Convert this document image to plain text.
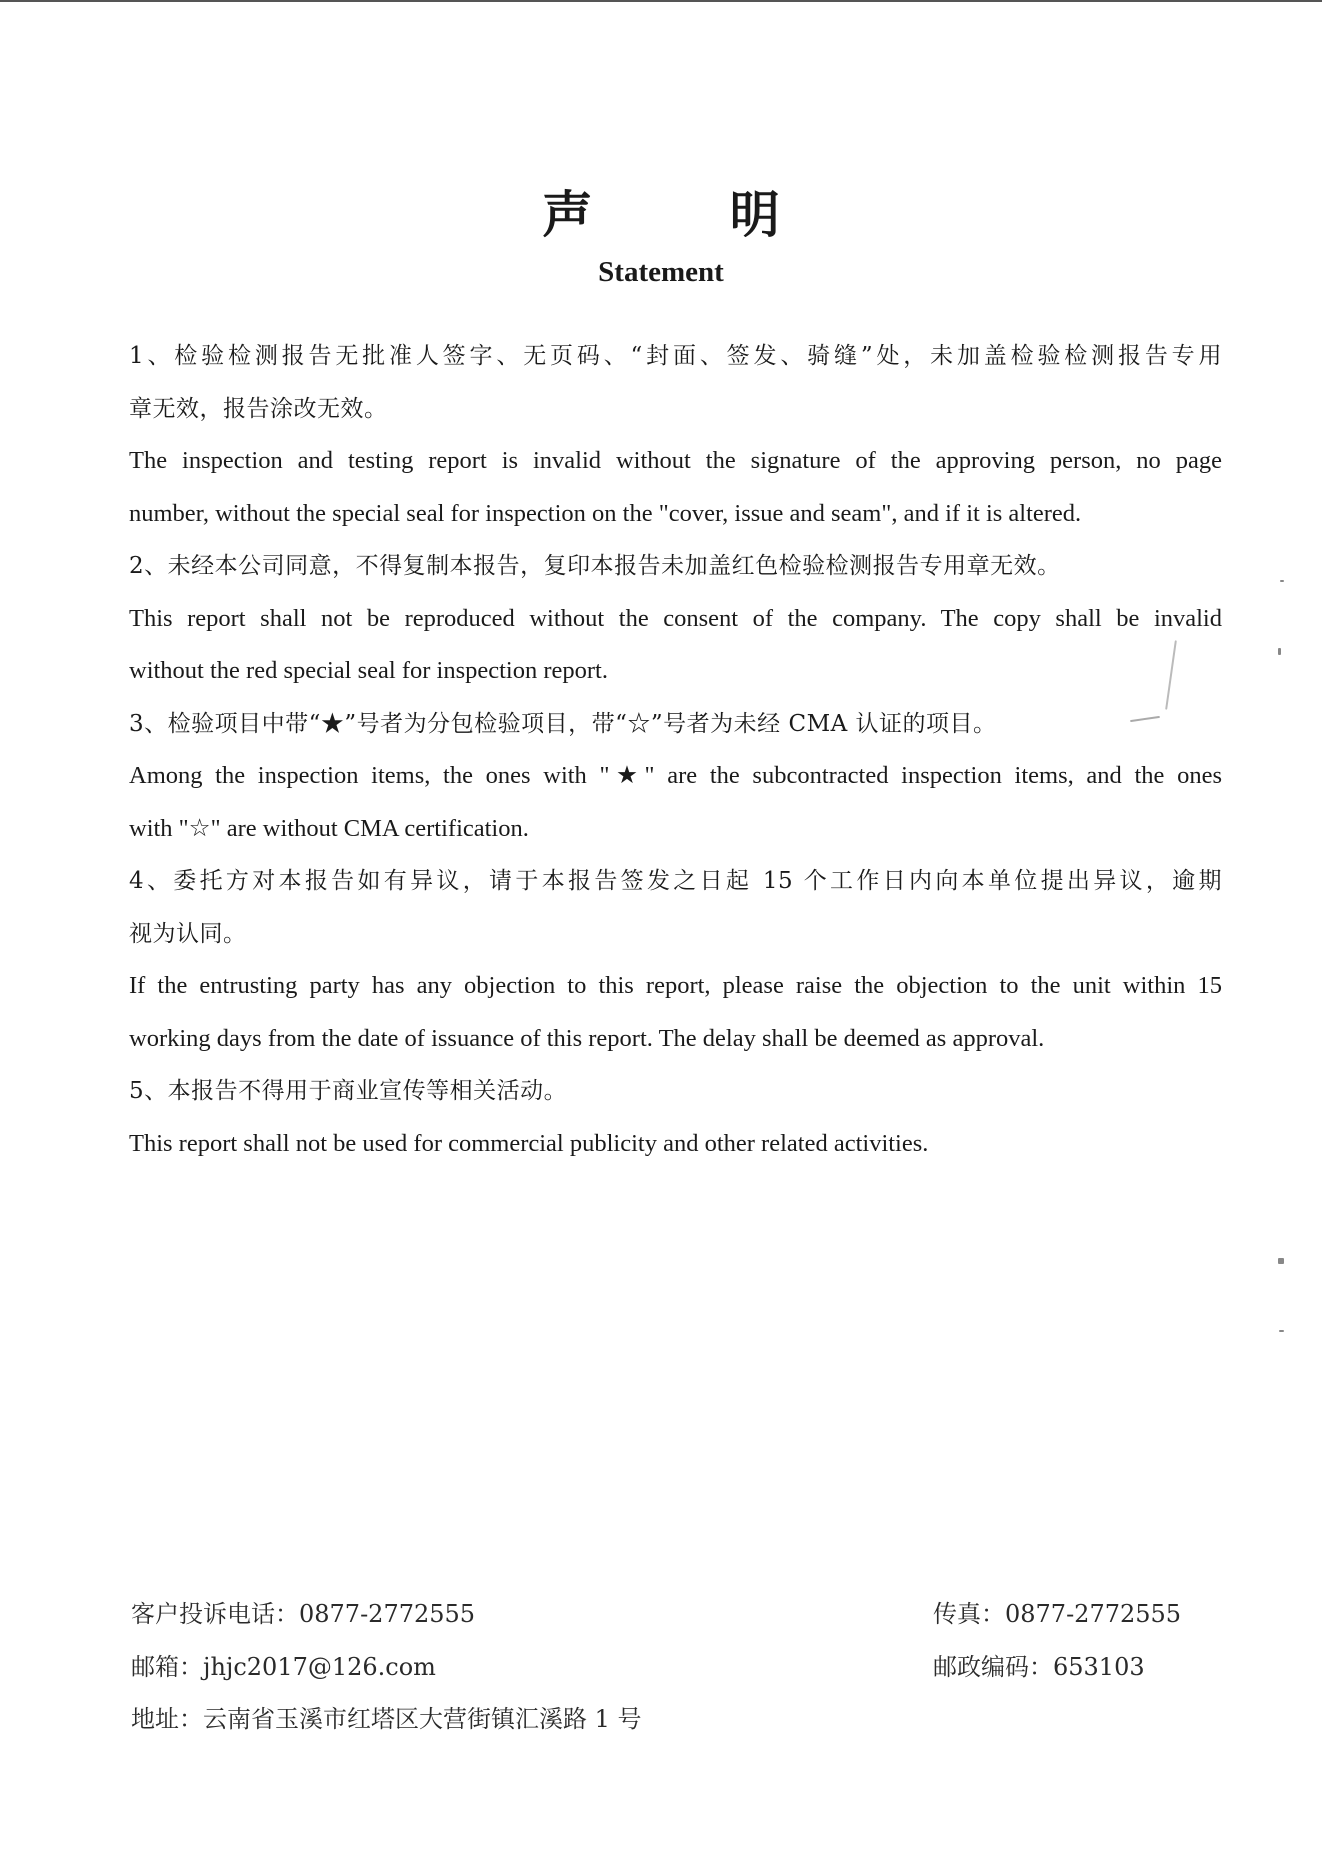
声 明
Statement
1、检验检测报告无批准人签字、无页码、“封面、签发、骑缝”处，未加盖检验检测报告专用
章无效，报告涂改无效。
The inspection and testing report is invalid without the signature of the approving person, no page
number, without the special seal for inspection on the "cover, issue and seam", and if it is altered.
2、未经本公司同意，不得复制本报告，复印本报告未加盖红色检验检测报告专用章无效。
This report shall not be reproduced without the consent of the company. The copy shall be invalid
without the red special seal for inspection report.
3、检验项目中带“★”号者为分包检验项目，带“☆”号者为未经 CMA 认证的项目。
Among the inspection items, the ones with "★" are the subcontracted inspection items, and the ones
with "☆" are without CMA certification.
4、委托方对本报告如有异议，请于本报告签发之日起 15 个工作日内向本单位提出异议，逾期
视为认同。
If the entrusting party has any objection to this report, please raise the objection to the unit within 15
working days from the date of issuance of this report. The delay shall be deemed as approval.
5、本报告不得用于商业宣传等相关活动。
This report shall not be used for commercial publicity and other related activities.
客户投诉电话：0877-2772555	传真：0877-2772555
邮箱：jhjc2017@126.com	邮政编码：653103
地址：云南省玉溪市红塔区大营街镇汇溪路 1 号
